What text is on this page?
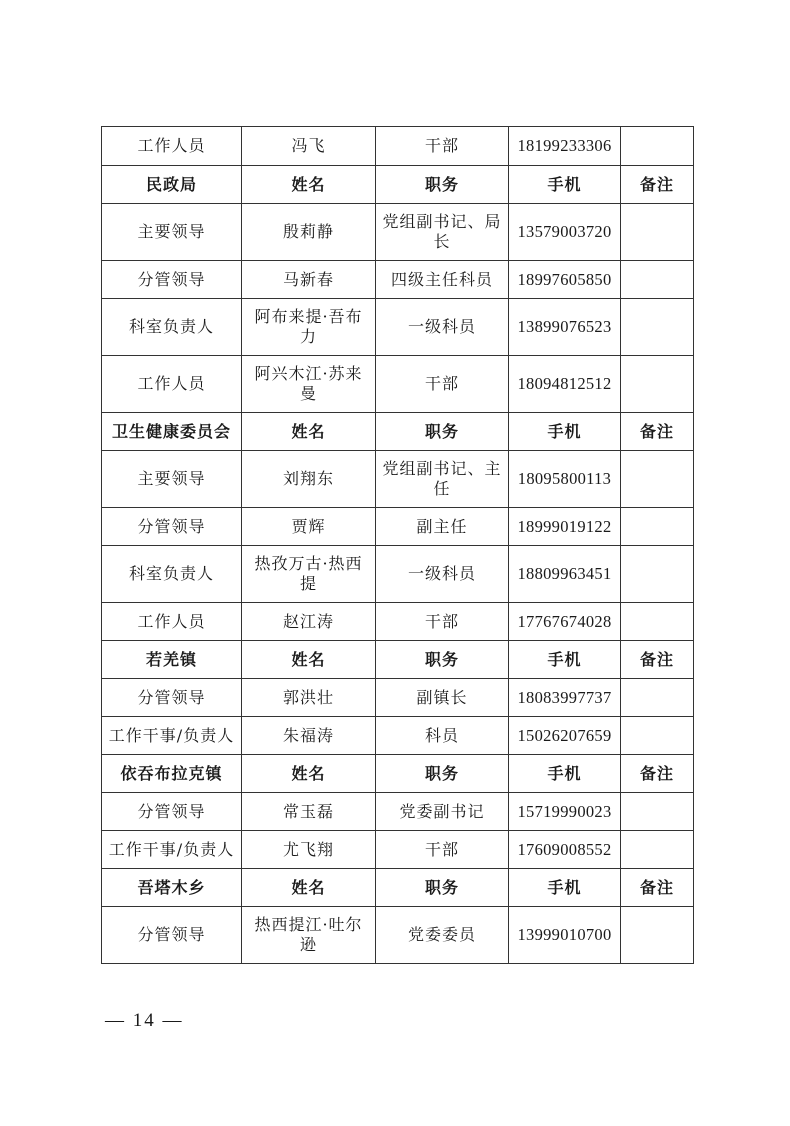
工作人员	冯飞	干部	18199233306	
民政局	姓名	职务	手机	备注
主要领导	殷莉静	党组副书记、局长	13579003720	
分管领导	马新春	四级主任科员	18997605850	
科室负责人	阿布来提·吾布力	一级科员	13899076523	
工作人员	阿兴木江·苏来曼	干部	18094812512	
卫生健康委员会	姓名	职务	手机	备注
主要领导	刘翔东	党组副书记、主任	18095800113	
分管领导	贾辉	副主任	18999019122	
科室负责人	热孜万古·热西提	一级科员	18809963451	
工作人员	赵江涛	干部	17767674028	
若羌镇	姓名	职务	手机	备注
分管领导	郭洪壮	副镇长	18083997737	
工作干事/负责人	朱福涛	科员	15026207659	
依吞布拉克镇	姓名	职务	手机	备注
分管领导	常玉磊	党委副书记	15719990023	
工作干事/负责人	尤飞翔	干部	17609008552	
吾塔木乡	姓名	职务	手机	备注
分管领导	热西提江·吐尔逊	党委委员	13999010700	
— 14 —
